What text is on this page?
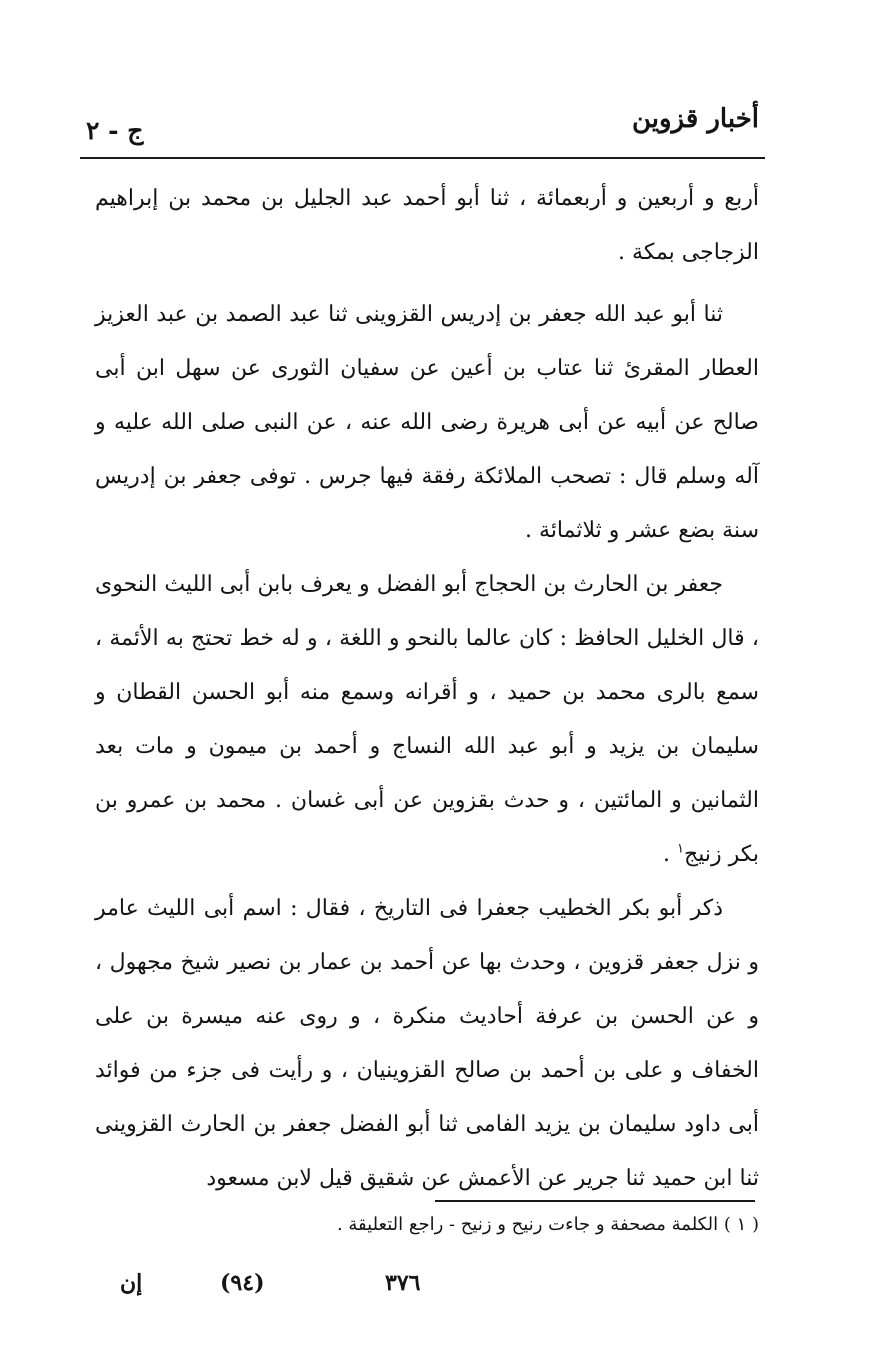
أخبار قزوين
ج - ٢

أربع و أربعين و أربعمائة ، ثنا أبو أحمد عبد الجليل بن محمد بن إبراهيم الزجاجى بمكة .

ثنا أبو عبد الله جعفر بن إدريس القزوينى ثنا عبد الصمد بن عبد العزيز العطار المقرئ ثنا عتاب بن أعين عن سفيان الثورى عن سهل ابن أبى صالح عن أبيه عن أبى هريرة رضى الله عنه ، عن النبى صلى الله عليه و آله وسلم قال : تصحب الملائكة رفقة فيها جرس . توفى جعفر بن إدريس سنة بضع عشر و ثلاثمائة .

جعفر بن الحارث بن الحجاج أبو الفضل و يعرف بابن أبى الليث النحوى ، قال الخليل الحافظ : كان عالما بالنحو و اللغة ، و له خط تحتج به الأئمة ، سمع بالرى محمد بن حميد ، و أقرانه وسمع منه أبو الحسن القطان و سليمان بن يزيد و أبو عبد الله النساج و أحمد بن ميمون و مات بعد الثمانين و المائتين ، و حدث بقزوين عن أبى غسان . محمد بن عمرو بن بكر زنيج$^١$ .

ذكر أبو بكر الخطيب جعفرا فى التاريخ ، فقال : اسم أبى الليث عامر و نزل جعفر قزوين ، وحدث بها عن أحمد بن عمار بن نصير شيخ مجهول ، و عن الحسن بن عرفة أحاديث منكرة ، و روى عنه ميسرة بن على الخفاف و على بن أحمد بن صالح القزوينيان ، و رأيت فى جزء من فوائد أبى داود سليمان بن يزيد الفامى ثنا أبو الفضل جعفر بن الحارث القزوينى ثنا ابن حميد ثنا جرير عن الأعمش عن شقيق قيل لابن مسعود

( ١ ) الكلمة مصحفة و جاءت رنيح و زنيح - راجع التعليقة .
إن	(٩٤)	٣٧٦
